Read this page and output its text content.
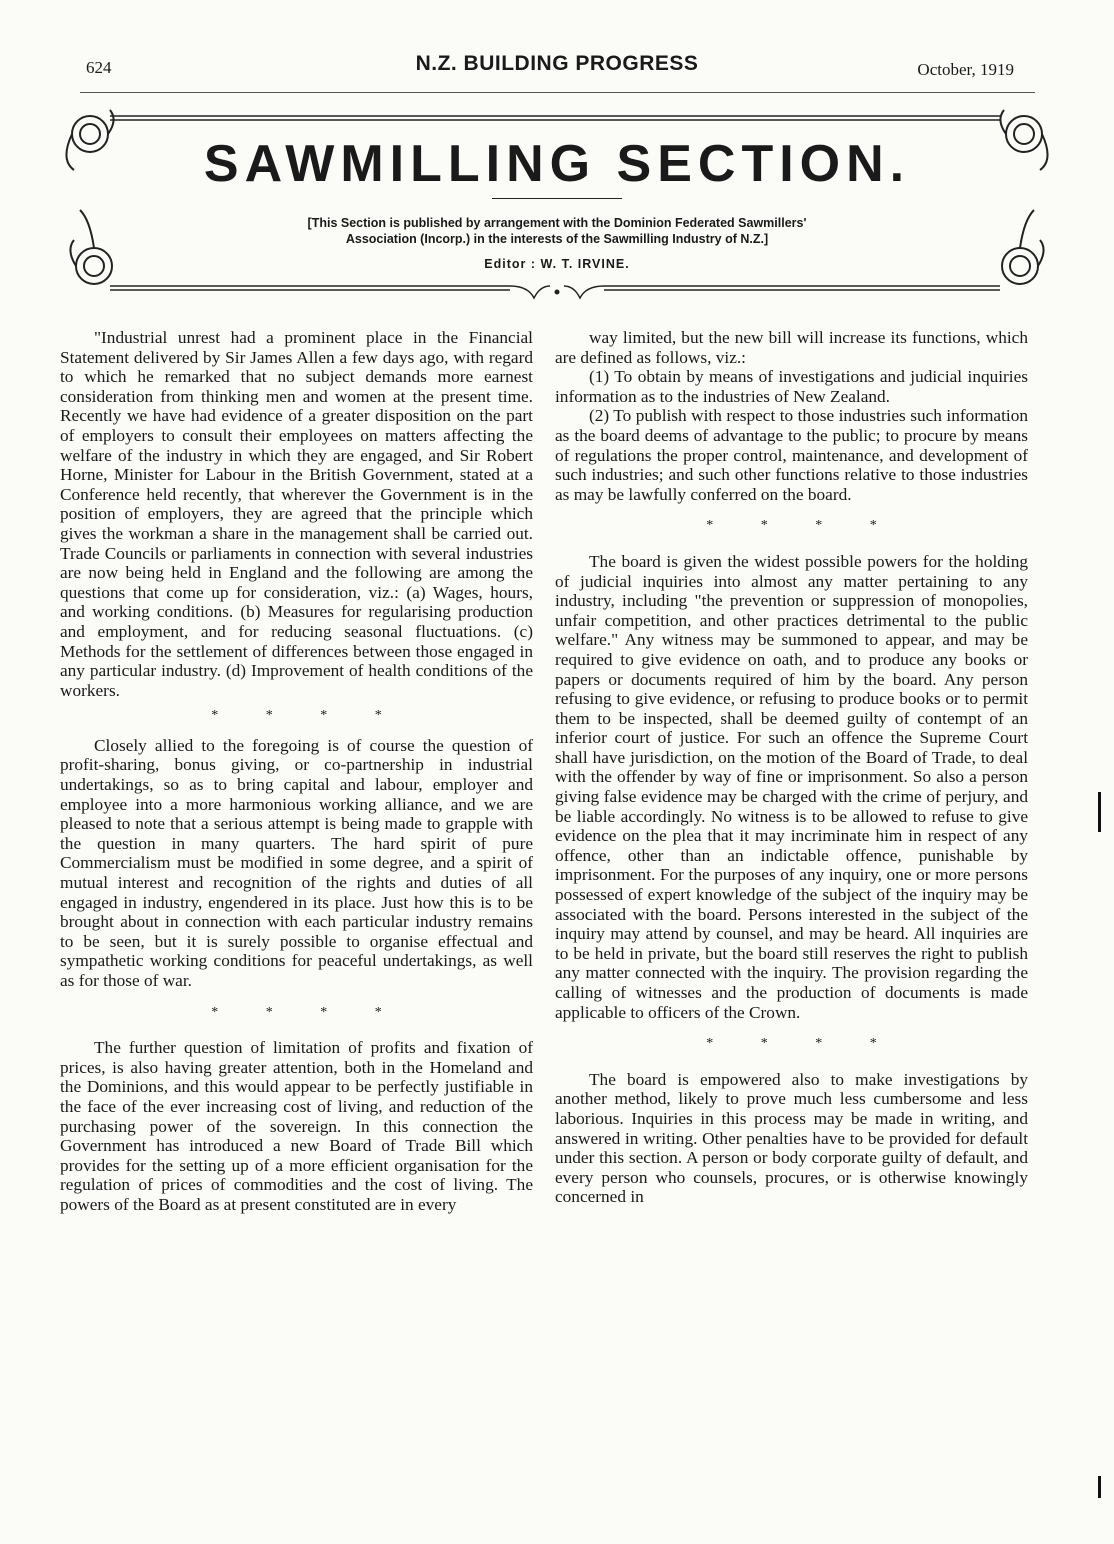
624	N.Z. BUILDING PROGRESS	October, 1919
SAWMILLING SECTION.
[This Section is published by arrangement with the Dominion Federated Sawmillers'
Association (Incorp.) in the interests of the Sawmilling Industry of N.Z.]
Editor : W. T. IRVINE.

"Industrial unrest had a prominent place in the Financial Statement delivered by Sir James Allen a few days ago, with regard to which he remarked that no subject demands more earnest consideration from thinking men and women at the present time. Recently we have had evidence of a greater disposition on the part of employers to consult their employees on matters affecting the welfare of the industry in which they are engaged, and Sir Robert Horne, Minister for Labour in the British Government, stated at a Conference held recently, that wherever the Government is in the position of employers, they are agreed that the principle which gives the workman a share in the management shall be carried out. Trade Councils or parliaments in connection with several industries are now being held in England and the following are among the questions that come up for consideration, viz.: (a) Wages, hours, and working conditions. (b) Measures for regularising production and employment, and for reducing seasonal fluctuations. (c) Methods for the settlement of differences between those engaged in any particular industry. (d) Improvement of health conditions of the workers.

* * * *

Closely allied to the foregoing is of course the question of profit-sharing, bonus giving, or co-partnership in industrial undertakings, so as to bring capital and labour, employer and employee into a more harmonious working alliance, and we are pleased to note that a serious attempt is being made to grapple with the question in many quarters. The hard spirit of pure Commercialism must be modified in some degree, and a spirit of mutual interest and recognition of the rights and duties of all engaged in industry, engendered in its place. Just how this is to be brought about in connection with each particular industry remains to be seen, but it is surely possible to organise effectual and sympathetic working conditions for peaceful undertakings, as well as for those of war.

* * * *

The further question of limitation of profits and fixation of prices, is also having greater attention, both in the Homeland and the Dominions, and this would appear to be perfectly justifiable in the face of the ever increasing cost of living, and reduction of the purchasing power of the sovereign. In this connection the Government has introduced a new Board of Trade Bill which provides for the setting up of a more efficient organisation for the regulation of prices of commodities and the cost of living. The powers of the Board as at present constituted are in every

way limited, but the new bill will increase its functions, which are defined as follows, viz.:

(1) To obtain by means of investigations and judicial inquiries information as to the industries of New Zealand.

(2) To publish with respect to those industries such information as the board deems of advantage to the public; to procure by means of regulations the proper control, maintenance, and development of such industries; and such other functions relative to those industries as may be lawfully conferred on the board.

* * * *

The board is given the widest possible powers for the holding of judicial inquiries into almost any matter pertaining to any industry, including "the prevention or suppression of monopolies, unfair competition, and other practices detrimental to the public welfare." Any witness may be summoned to appear, and may be required to give evidence on oath, and to produce any books or papers or documents required of him by the board. Any person refusing to give evidence, or refusing to produce books or to permit them to be inspected, shall be deemed guilty of contempt of an inferior court of justice. For such an offence the Supreme Court shall have jurisdiction, on the motion of the Board of Trade, to deal with the offender by way of fine or imprisonment. So also a person giving false evidence may be charged with the crime of perjury, and be liable accordingly. No witness is to be allowed to refuse to give evidence on the plea that it may incriminate him in respect of any offence, other than an indictable offence, punishable by imprisonment. For the purposes of any inquiry, one or more persons possessed of expert knowledge of the subject of the inquiry may be associated with the board. Persons interested in the subject of the inquiry may attend by counsel, and may be heard. All inquiries are to be held in private, but the board still reserves the right to publish any matter connected with the inquiry. The provision regarding the calling of witnesses and the production of documents is made applicable to officers of the Crown.

* * * *

The board is empowered also to make investigations by another method, likely to prove much less cumbersome and less laborious. Inquiries in this process may be made in writing, and answered in writing. Other penalties have to be provided for default under this section. A person or body corporate guilty of default, and every person who counsels, procures, or is otherwise knowingly concerned in
